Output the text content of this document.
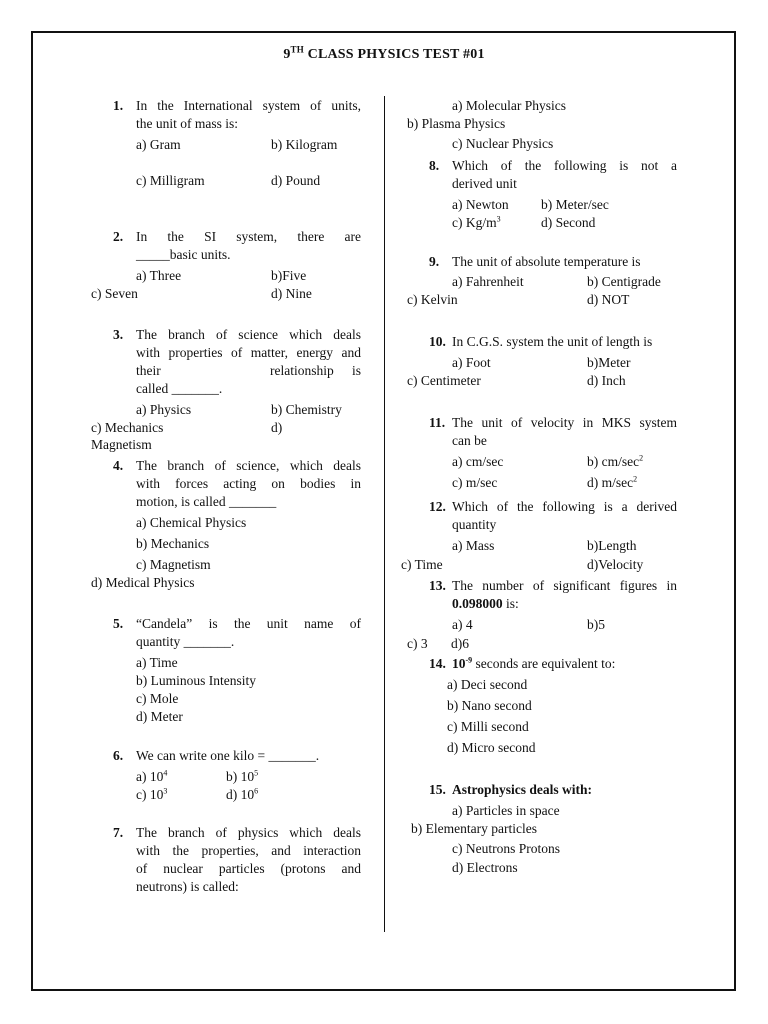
9TH CLASS PHYSICS TEST #01
1. In the International system of units,
the unit of mass is:
a) Gram	b) Kilogram
c) Milligram	d) Pound
2. In the SI system, there are
_____basic units.
a) Three	b)Five
c) Seven	d) Nine
3. The branch of science which deals
with properties of matter, energy and
their	relationship is
called _______.
a) Physics	b) Chemistry
c) Mechanics	d)
Magnetism
4. The branch of science, which deals
with forces acting on bodies in
motion, is called _______
a) Chemical Physics
b) Mechanics
c) Magnetism
d) Medical Physics
5. “Candela” is the unit name of
quantity _______.
a) Time
b) Luminous Intensity
c) Mole
d) Meter
6. We can write one kilo = _______.
a) $10^4$	b) $10^5$
c) $10^3$	d) $10^6$
7. The branch of physics which deals
with the properties, and interaction
of nuclear particles (protons and
neutrons) is called:
a) Molecular Physics
b) Plasma Physics
c) Nuclear Physics
8. Which of the following is not a
derived unit
a) Newton b) Meter/sec
c) $Kg/m^3$	d) Second
9. The unit of absolute temperature is
a) Fahrenheit	b) Centigrade
c) Kelvin	d) NOT
10. In C.G.S. system the unit of length is
a) Foot	b)Meter
c) Centimeter	d) Inch
11. The unit of velocity in MKS system
can be
a) cm/sec	b) $cm/\sec^2$
c) m/sec	d) $m/\sec^2$
12. Which of the following is a derived
quantity
a) Mass	b)Length
c) Time	d)Velocity
13. The number of significant figures in
0.098000 is:
a) 4	b)5
c) 3 d)6
14. $10^{-9}$ seconds are equivalent to:
a) Deci second
b) Nano second
c) Milli second
d) Micro second
15. Astrophysics deals with:
a) Particles in space
b) Elementary particles
c) Neutrons Protons
d) Electrons
